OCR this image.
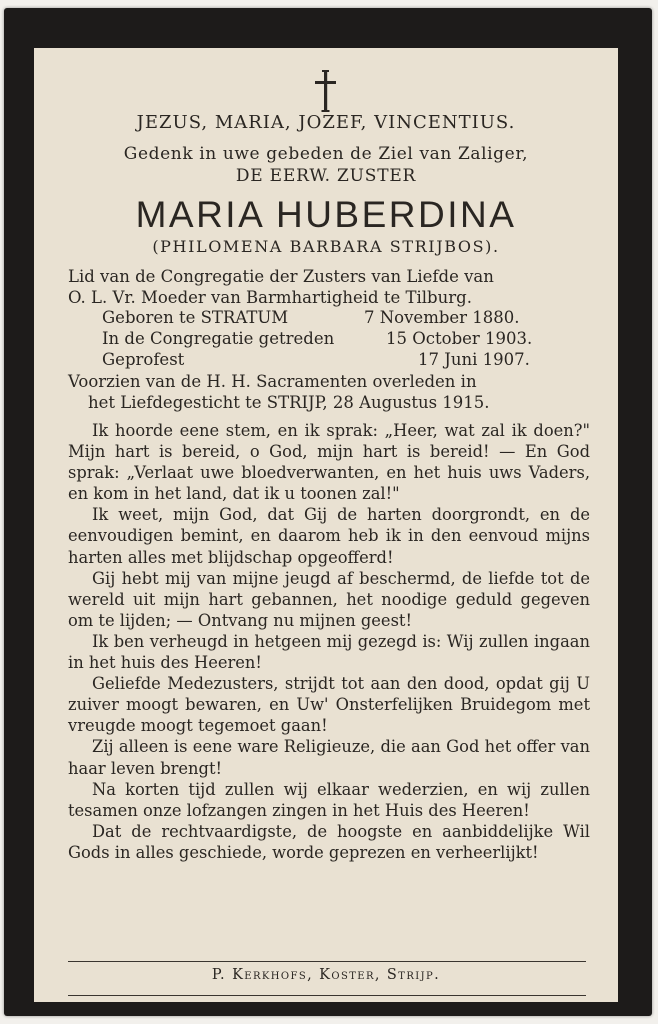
JEZUS, MARIA, JOZEF, VINCENTIUS.
Gedenk in uwe gebeden de Ziel van Zaliger,
DE EERW. ZUSTER
MARIA HUBERDINA
(PHILOMENA BARBARA STRIJBOS).
Lid van de Congregatie der Zusters van Liefde van
O. L. Vr. Moeder van Barmhartigheid te Tilburg.
Geboren te STRATUM	7 November 1880.
In de Congregatie getreden	15 October 1903.
Geprofest	17 Juni 1907.
Voorzien van de H. H. Sacramenten overleden in
het Liefdegesticht te STRIJP, 28 Augustus 1915.

Ik hoorde eene stem, en ik sprak: „Heer, wat zal ik doen?" Mijn hart is bereid, o God, mijn hart is bereid! — En God sprak: „Verlaat uwe bloedverwanten, en het huis uws Vaders, en kom in het land, dat ik u toonen zal!"

Ik weet, mijn God, dat Gij de harten doorgrondt, en de eenvoudigen bemint, en daarom heb ik in den eenvoud mijns harten alles met blijdschap opgeofferd!

Gij hebt mij van mijne jeugd af beschermd, de liefde tot de wereld uit mijn hart gebannen, het noodige geduld gegeven om te lijden; — Ontvang nu mijnen geest!

Ik ben verheugd in hetgeen mij gezegd is: Wij zullen ingaan in het huis des Heeren!

Geliefde Medezusters, strijdt tot aan den dood, opdat gij U zuiver moogt bewaren, en Uw' Onsterfelijken Bruidegom met vreugde moogt tegemoet gaan!

Zij alleen is eene ware Religieuze, die aan God het offer van haar leven brengt!

Na korten tijd zullen wij elkaar wederzien, en wij zullen tesamen onze lofzangen zingen in het Huis des Heeren!

Dat de rechtvaardigste, de hoogste en aanbiddelijke Wil Gods in alles geschiede, worde geprezen en verheerlijkt!

P. Kerkhofs, Koster, Strijp.
